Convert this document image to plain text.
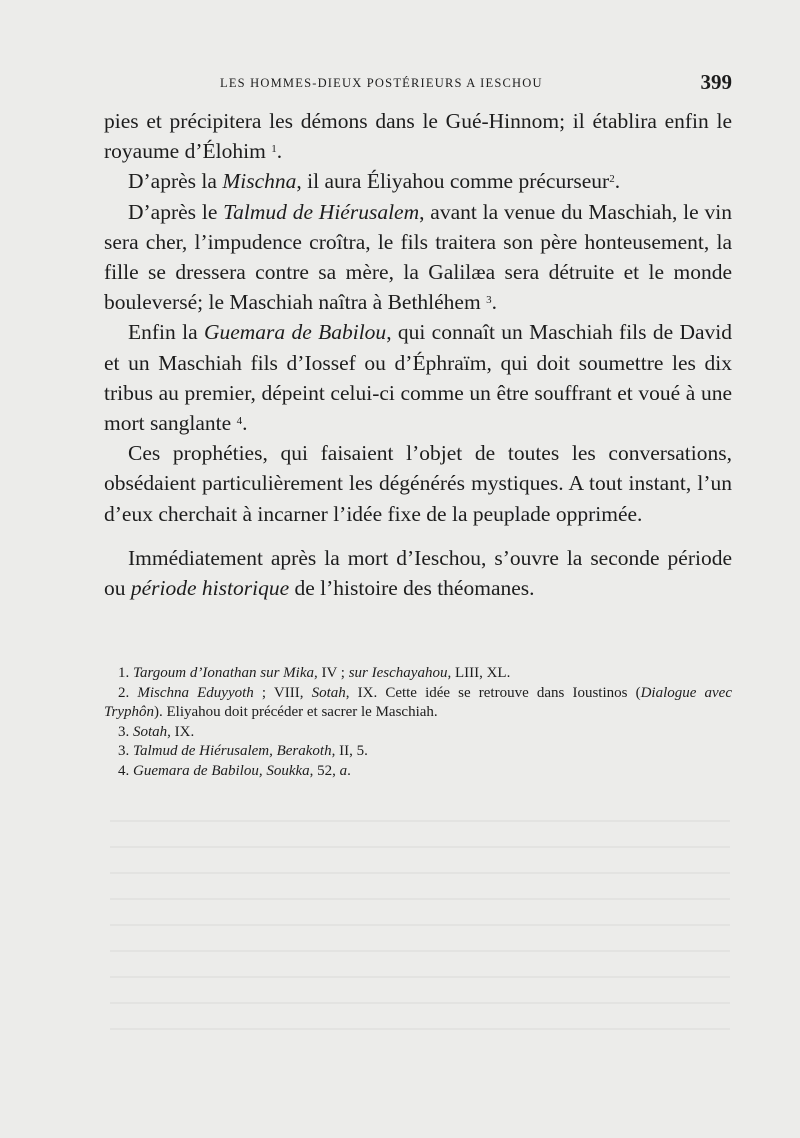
LES HOMMES-DIEUX POSTÉRIEURS A IESCHOU	399

pies et précipitera les démons dans le Gué-Hinnom; il établira enfin le royaume d’Élohim $^1$.

D’après la Mischna, il aura Éliyahou comme précurseur$^2$.

D’après le Talmud de Hiérusalem, avant la venue du Maschiah, le vin sera cher, l’impudence croîtra, le fils traitera son père honteusement, la fille se dressera contre sa mère, la Galilæa sera détruite et le monde bouleversé; le Maschiah naîtra à Bethléhem $^3$.

Enfin la Guemara de Babilou, qui connaît un Maschiah fils de David et un Maschiah fils d’Iossef ou d’Éphraïm, qui doit soumettre les dix tribus au premier, dépeint celui-ci comme un être souffrant et voué à une mort sanglante $^4$.

Ces prophéties, qui faisaient l’objet de toutes les conversations, obsédaient particulièrement les dégénérés mystiques. A tout instant, l’un d’eux cherchait à incarner l’idée fixe de la peuplade opprimée.

Immédiatement après la mort d’Ieschou, s’ouvre la seconde période ou période historique de l’histoire des théomanes.

1. Targoum d’Ionathan sur Mika, IV ; sur Ieschayahou, LIII, XL.

2. Mischna Eduyyoth ; VIII, Sotah, IX. Cette idée se retrouve dans Ioustinos (Dialogue avec Tryphôn). Eliyahou doit précéder et sacrer le Maschiah.

3. Sotah, IX.

3. Talmud de Hiérusalem, Berakoth, II, 5.

4. Guemara de Babilou, Soukka, 52, a.
